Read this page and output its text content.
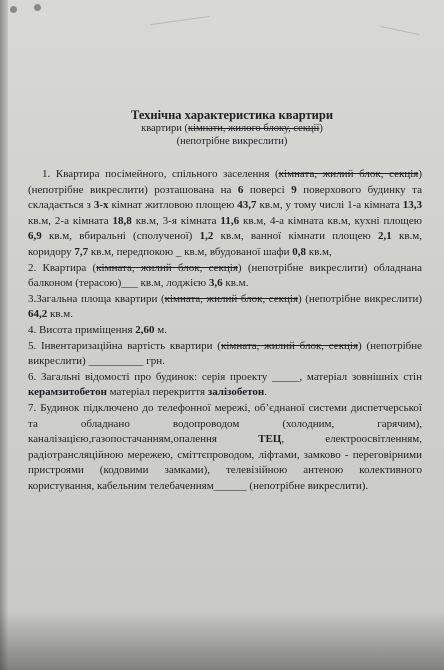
Технічна характеристика квартири
квартири (кімнати, жилого блоку, секції)
(непотрібне викреслити)
1. Квартира посімейного, спільного заселення (кімната, жилий блок, секція) (непотрібне викреслити) розташована на 6 поверсі 9 поверхового будинку та складається з 3-х кімнат житловою площею 43,7 кв.м, у тому числі 1-а кімната 13,3 кв.м, 2-а кімната 18,8 кв.м, 3-я кімната 11,6 кв.м, 4-а кімната кв.м, кухні площею 6,9 кв.м, вбиральні (сполученої) 1,2 кв.м, ванної кімнати площею 2,1 кв.м, коридору 7,7 кв.м, передпокою _ кв.м, вбудованої шафи 0,8 кв.м,
2. Квартира (кімната, жилий блок, секція) (непотрібне викреслити) обладнана балконом (терасою)___ кв.м, лоджією 3,6 кв.м.
3.Загальна площа квартири (кімната, жилий блок, секція) (непотрібне викреслити) 64,2 кв.м.
4. Висота приміщення 2,60 м.
5. Інвентаризаційна вартість квартири (кімната, жилий блок, секція) (непотрібне викреслити) __________ грн.
6. Загальні відомості про будинок: серія проекту _____, матеріал зовнішніх стін керамзитобетон матеріал перекриття залізобетон.
7. Будинок підключено до телефонної мережі, об’єднаної системи диспетчерської та обладнано водопроводом (холодним, гарячим), каналізацією,газопостачанням,опалення ТЕЦ, електроосвітленням, радіотрансляційною мережею, сміттєпроводом, ліфтами, замково - переговірними пристроями (кодовими замками), телевізійною антеною колективного користування, кабельним телебаченням______ (непотрібне викреслити).
